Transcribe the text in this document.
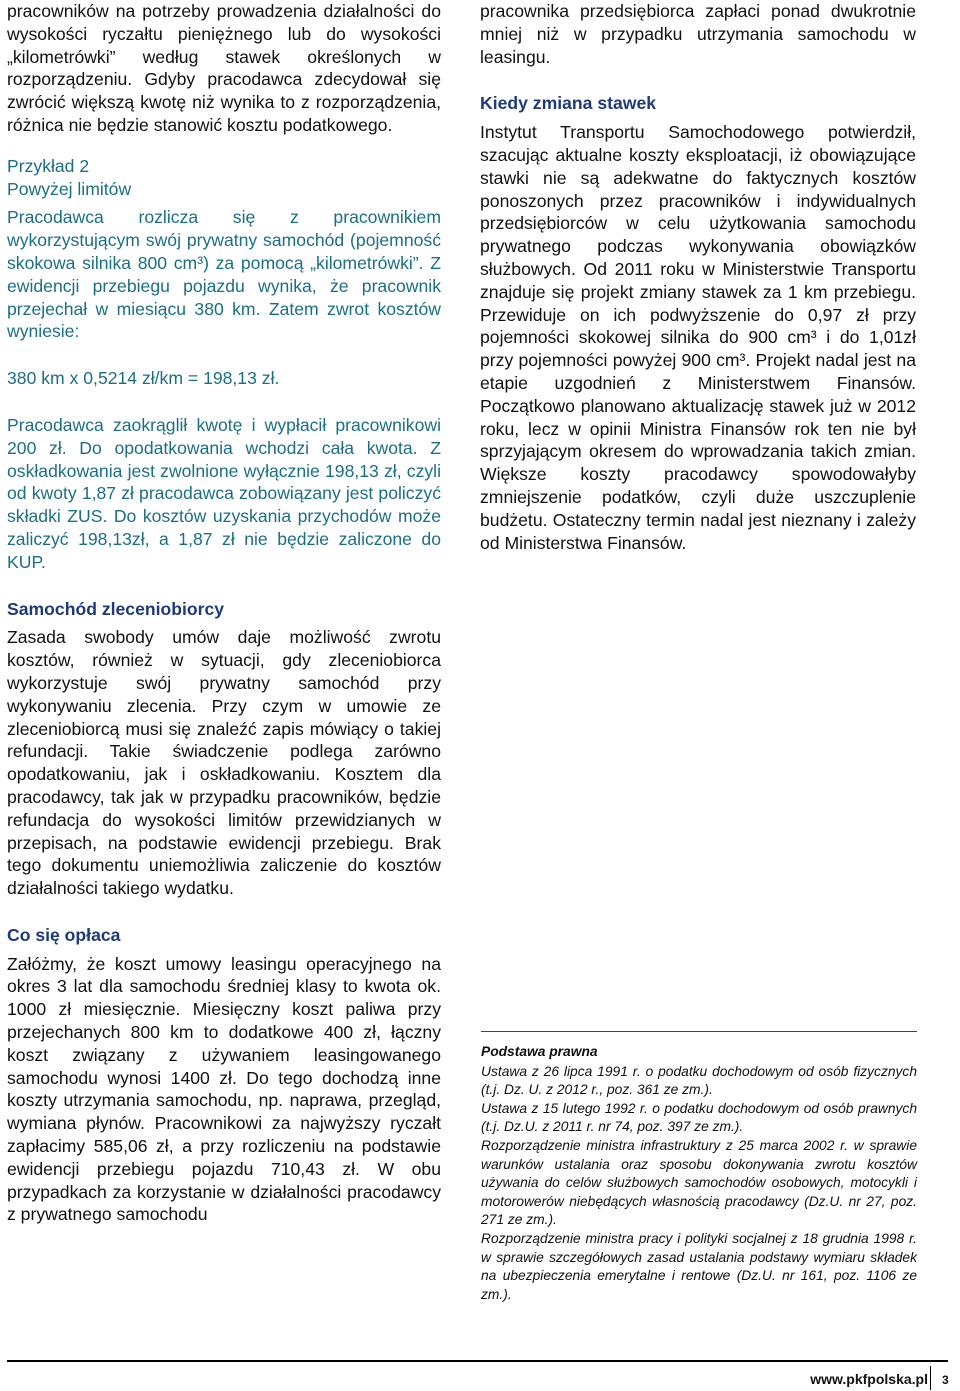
pracowników na potrzeby prowadzenia działalności do wysokości ryczałtu pieniężnego lub do wysokości „kilometrówki” według stawek określonych w rozporządzeniu. Gdyby pracodawca zdecydował się zwrócić większą kwotę niż wynika to z rozporządzenia, różnica nie będzie stanowić kosztu podatkowego.

Przykład 2

Powyżej limitów

Pracodawca rozlicza się z pracownikiem wykorzystującym swój prywatny samochód (pojemność skokowa silnika 800 cm³) za pomocą „kilometrówki”. Z ewidencji przebiegu pojazdu wynika, że pracownik przejechał w miesiącu 380 km. Zatem zwrot kosztów wyniesie:

380 km x 0,5214 zł/km = 198,13 zł.

Pracodawca zaokrąglił kwotę i wypłacił pracownikowi 200 zł. Do opodatkowania wchodzi cała kwota. Z oskładkowania jest zwolnione wyłącznie 198,13 zł, czyli od kwoty 1,87 zł pracodawca zobowiązany jest policzyć składki ZUS. Do kosztów uzyskania przychodów może zaliczyć 198,13zł, a 1,87 zł nie będzie zaliczone do KUP.

Samochód zleceniobiorcy

Zasada swobody umów daje możliwość zwrotu kosztów, również w sytuacji, gdy zleceniobiorca wykorzystuje swój prywatny samochód przy wykonywaniu zlecenia. Przy czym w umowie ze zleceniobiorcą musi się znaleźć zapis mówiący o takiej refundacji. Takie świadczenie podlega zarówno opodatkowaniu, jak i oskładkowaniu. Kosztem dla pracodawcy, tak jak w przypadku pracowników, będzie refundacja do wysokości limitów przewidzianych w przepisach, na podstawie ewidencji przebiegu. Brak tego dokumentu uniemożliwia zaliczenie do kosztów działalności takiego wydatku.

Co się opłaca

Załóżmy, że koszt umowy leasingu operacyjnego na okres 3 lat dla samochodu średniej klasy to kwota ok. 1000 zł miesięcznie. Miesięczny koszt paliwa przy przejechanych 800 km to dodatkowe 400 zł, łączny koszt związany z używaniem leasingowanego samochodu wynosi 1400 zł. Do tego dochodzą inne koszty utrzymania samochodu, np. naprawa, przegląd, wymiana płynów. Pracownikowi za najwyższy ryczałt zapłacimy 585,06 zł, a przy rozliczeniu na podstawie ewidencji przebiegu pojazdu 710,43 zł. W obu przypadkach za korzystanie w działalności pracodawcy z prywatnego samochodu

pracownika przedsiębiorca zapłaci ponad dwukrotnie mniej niż w przypadku utrzymania samochodu w leasingu.

Kiedy zmiana stawek

Instytut Transportu Samochodowego potwierdził, szacując aktualne koszty eksploatacji, iż obowiązujące stawki nie są adekwatne do faktycznych kosztów ponoszonych przez pracowników i indywidualnych przedsiębiorców w celu użytkowania samochodu prywatnego podczas wykonywania obowiązków służbowych. Od 2011 roku w Ministerstwie Transportu znajduje się projekt zmiany stawek za 1 km przebiegu. Przewiduje on ich podwyższenie do 0,97 zł przy pojemności skokowej silnika do 900 cm³ i do 1,01zł przy pojemności powyżej 900 cm³. Projekt nadal jest na etapie uzgodnień z Ministerstwem Finansów. Początkowo planowano aktualizację stawek już w 2012 roku, lecz w opinii Ministra Finansów rok ten nie był sprzyjającym okresem do wprowadzania takich zmian. Większe koszty pracodawcy spowodowałyby zmniejszenie podatków, czyli duże uszczuplenie budżetu. Ostateczny termin nadal jest nieznany i zależy od Ministerstwa Finansów.

Podstawa prawna

Ustawa z 26 lipca 1991 r. o podatku dochodowym od osób fizycznych (t.j. Dz. U. z 2012 r., poz. 361 ze zm.).

Ustawa z 15 lutego 1992 r. o podatku dochodowym od osób prawnych (t.j. Dz.U. z 2011 r. nr 74, poz. 397 ze zm.).

Rozporządzenie ministra infrastruktury z 25 marca 2002 r. w sprawie warunków ustalania oraz sposobu dokonywania zwrotu kosztów używania do celów służbowych samochodów osobowych, motocykli i motorowerów niebędących własnością pracodawcy (Dz.U. nr 27, poz. 271 ze zm.).

Rozporządzenie ministra pracy i polityki socjalnej z 18 grudnia 1998 r. w sprawie szczegółowych zasad ustalania podstawy wymiaru składek na ubezpieczenia emerytalne i rentowe (Dz.U. nr 161, poz. 1106 ze zm.).

www.pkfpolska.pl 3
